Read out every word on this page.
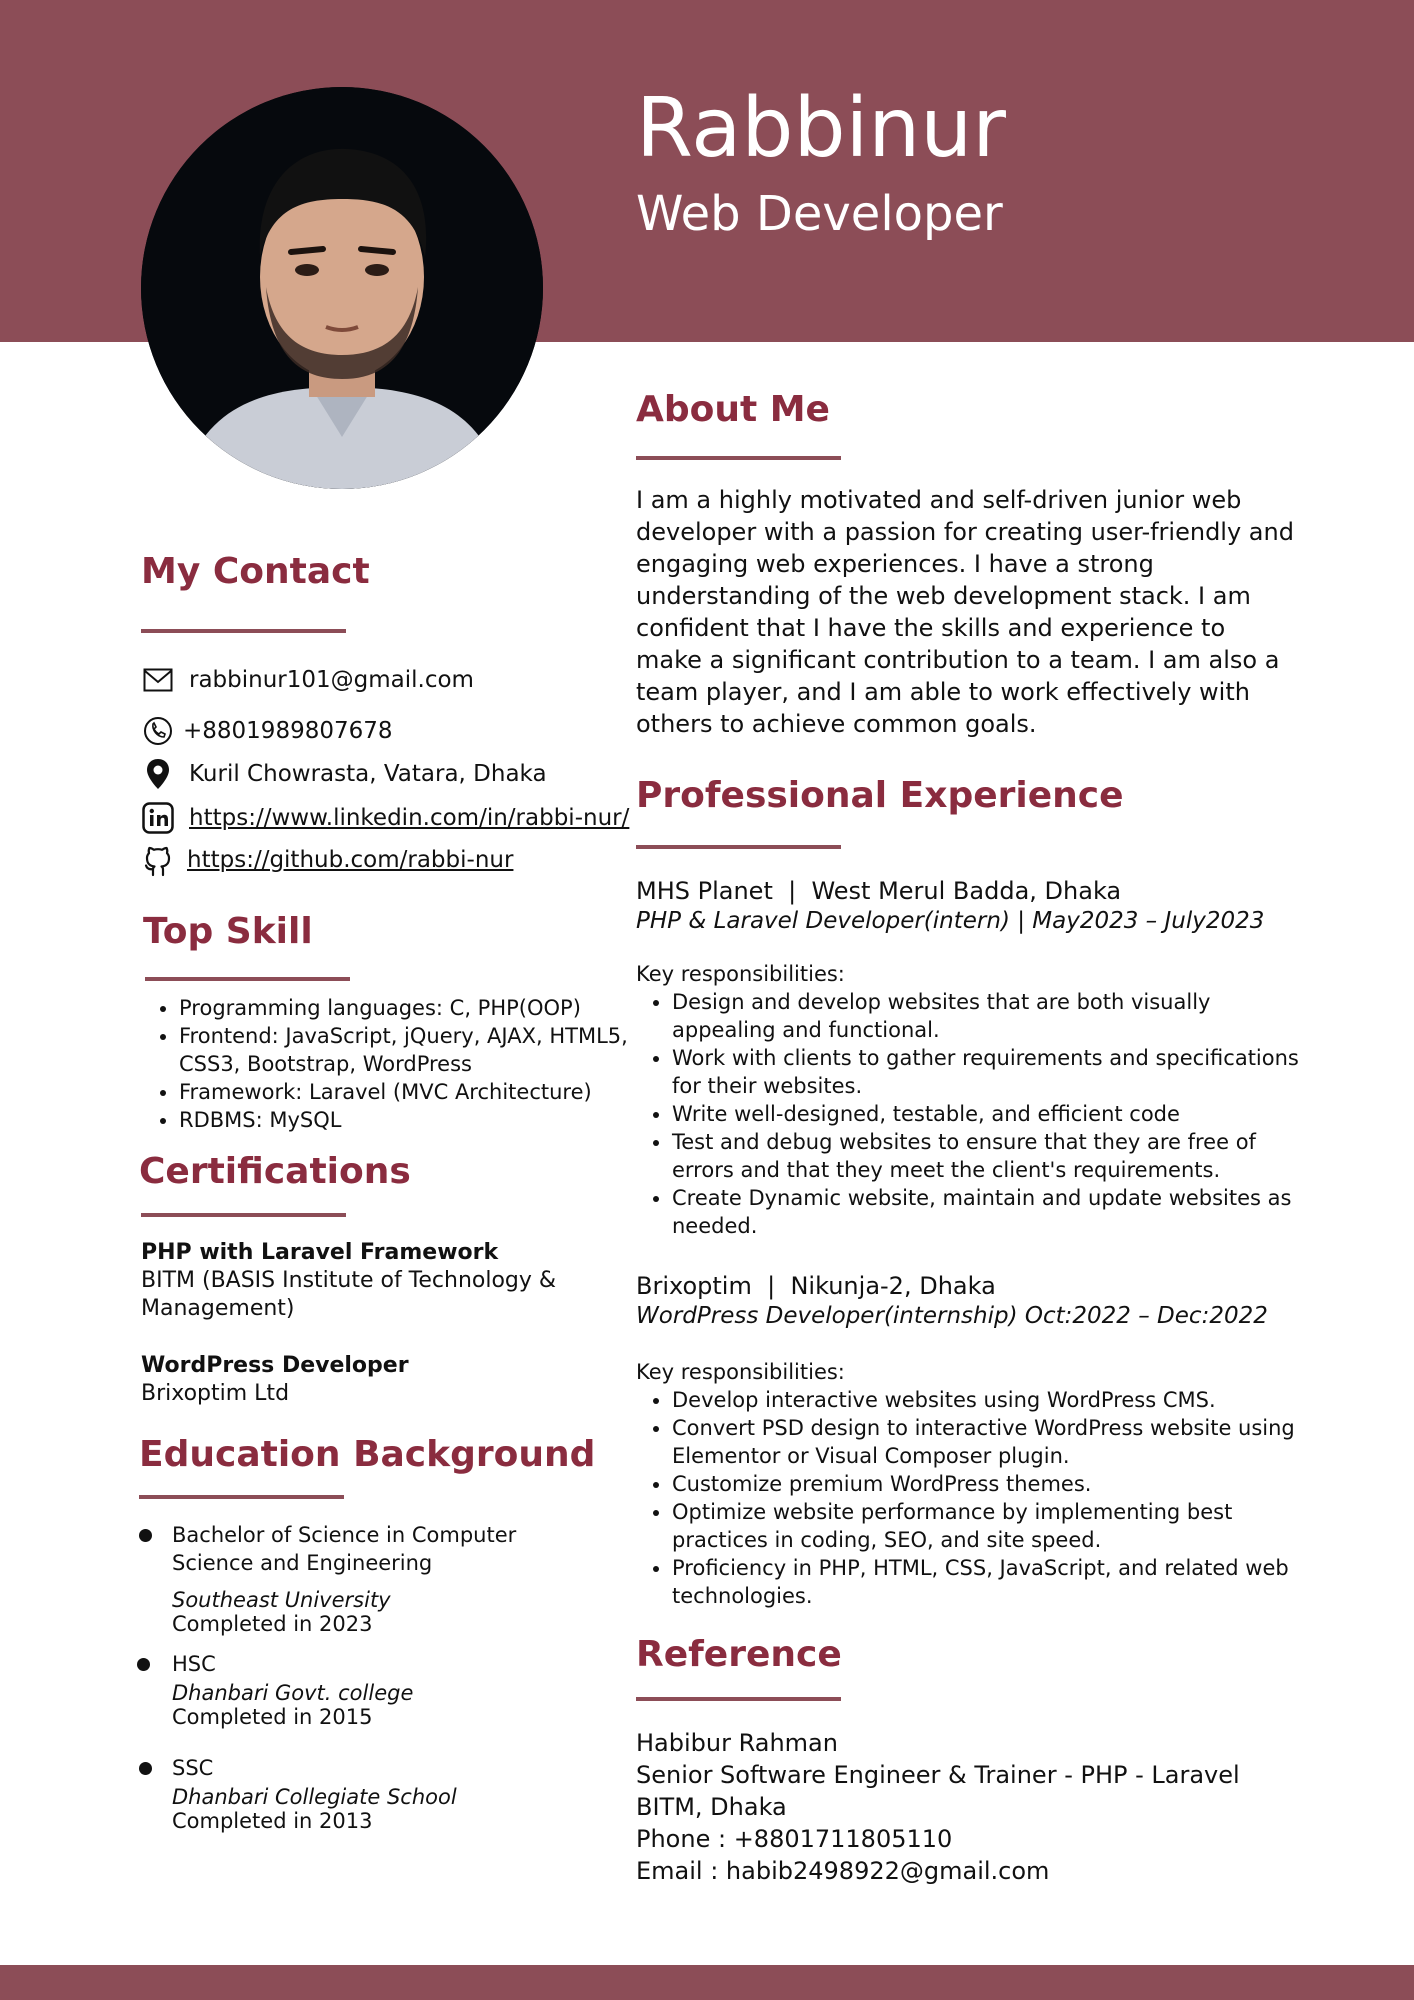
Rabbinur
Web Developer
My Contact
rabbinur101@gmail.com
+8801989807678
Kuril Chowrasta, Vatara, Dhaka
https://www.linkedin.com/in/rabbi-nur/
https://github.com/rabbi-nur
Top Skill
• Programming languages: C, PHP(OOP)
• Frontend: JavaScript, jQuery, AJAX, HTML5, CSS3, Bootstrap, WordPress
• Framework: Laravel (MVC Architecture)
• RDBMS: MySQL
Certifications
PHP with Laravel Framework
BITM (BASIS Institute of Technology & Management)
WordPress Developer
Brixoptim Ltd
Education Background
Bachelor of Science in Computer Science and Engineering
Southeast University
Completed in 2023
HSC
Dhanbari Govt. college
Completed in 2015
SSC
Dhanbari Collegiate School
Completed in 2013
About Me
I am a highly motivated and self-driven junior web developer with a passion for creating user-friendly and engaging web experiences. I have a strong understanding of the web development stack. I am confident that I have the skills and experience to make a significant contribution to a team. I am also a team player, and I am able to work effectively with others to achieve common goals.
Professional Experience
MHS Planet  |  West Merul Badda, Dhaka
PHP & Laravel Developer(intern) | May2023 – July2023
Key responsibilities:
• Design and develop websites that are both visually appealing and functional.
• Work with clients to gather requirements and specifications for their websites.
• Write well-designed, testable, and efficient code
• Test and debug websites to ensure that they are free of errors and that they meet the client's requirements.
• Create Dynamic website, maintain and update websites as needed.
Brixoptim  |  Nikunja-2, Dhaka
WordPress Developer(internship) Oct:2022 – Dec:2022
Key responsibilities:
• Develop interactive websites using WordPress CMS.
• Convert PSD design to interactive WordPress website using Elementor or Visual Composer plugin.
• Customize premium WordPress themes.
• Optimize website performance by implementing best practices in coding, SEO, and site speed.
• Proficiency in PHP, HTML, CSS, JavaScript, and related web technologies.
Reference
Habibur Rahman
Senior Software Engineer & Trainer - PHP - Laravel
BITM, Dhaka
Phone : +8801711805110
Email : habib2498922@gmail.com
